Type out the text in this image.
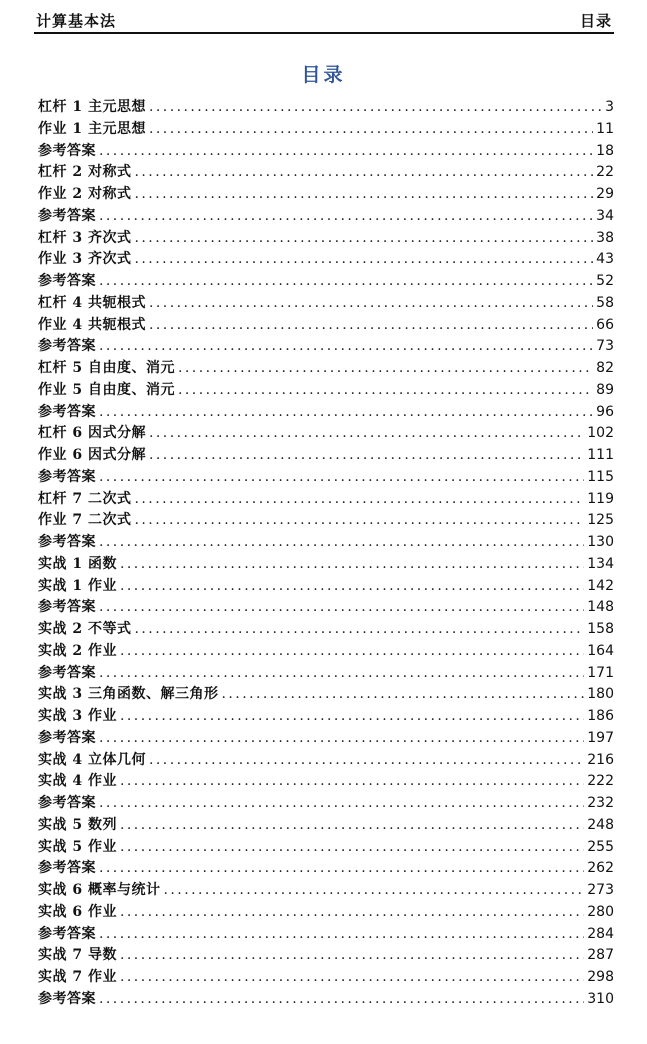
计算基本法	目录
目录
杠杆 1 主元思想 . . .	3
作业 1 主元思想 . . .	11
参考答案 . . .	18
杠杆 2 对称式 . . .	22
作业 2 对称式 . . .	29
参考答案 . . .	34
杠杆 3 齐次式 . . .	38
作业 3 齐次式 . . .	43
参考答案 . . .	52
杠杆 4 共轭根式 . . .	58
作业 4 共轭根式 . . .	66
参考答案 . . .	73
杠杆 5 自由度、消元 . . .	82
作业 5 自由度、消元 . . .	89
参考答案 . . .	96
杠杆 6 因式分解 . . .	102
作业 6 因式分解 . . .	111
参考答案 . . .	115
杠杆 7 二次式 . . .	119
作业 7 二次式 . . .	125
参考答案 . . .	130
实战 1 函数 . . .	134
实战 1 作业 . . .	142
参考答案 . . .	148
实战 2 不等式 . . .	158
实战 2 作业 . . .	164
参考答案 . . .	171
实战 3 三角函数、解三角形 . . .	180
实战 3 作业 . . .	186
参考答案 . . .	197
实战 4 立体几何 . . .	216
实战 4 作业 . . .	222
参考答案 . . .	232
实战 5 数列 . . .	248
实战 5 作业 . . .	255
参考答案 . . .	262
实战 6 概率与统计 . . .	273
实战 6 作业 . . .	280
参考答案 . . .	284
实战 7 导数 . . .	287
实战 7 作业 . . .	298
参考答案 . . .	310
